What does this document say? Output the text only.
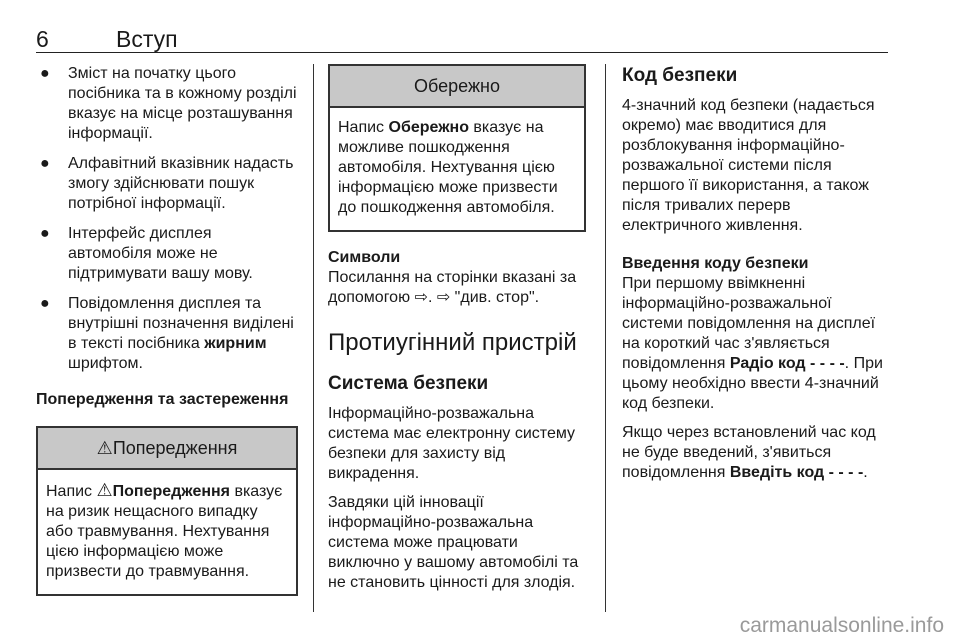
6	Вступ
● Зміст на початку цього посібника та в кожному розділі вказує на місце розташування інформації.
● Алфавітний вказівник надасть змогу здійснювати пошук потрібної інформації.
● Інтерфейс дисплея автомобіля може не підтримувати вашу мову.
● Повідомлення дисплея та внутрішні позначення виділені в тексті посібника жирним шрифтом.
Попередження та застереження
⚠Попередження
Напис ⚠Попередження вказує на ризик нещасного випадку або травмування. Нехтування цією інформацією може призвести до травмування.
Обережно
Напис Обережно вказує на можливе пошкодження автомобіля. Нехтування цією інформацією може призвести до пошкодження автомобіля.

Символи

Посилання на сторінки вказані за допомогою ⇨. ⇨ "див. стор".

Протиугінний пристрій
Система безпеки

Інформаційно-розважальна система має електронну систему безпеки для захисту від викрадення.

Завдяки цій інновації інформаційно-розважальна система може працювати виключно у вашому автомобілі та не становить цінності для злодія.

Код безпеки

4-значний код безпеки (надається окремо) має вводитися для розблокування інформаційно-розважальної системи після першого її використання, а також після тривалих перерв електричного живлення.

Введення коду безпеки

При першому ввімкненні інформаційно-розважальної системи повідомлення на дисплеї на короткий час з'являється повідомлення Радіо код - - - -. При цьому необхідно ввести 4-значний код безпеки.

Якщо через встановлений час код не буде введений, з'явиться повідомлення Введіть код - - - -.

carmanualsonline.info
